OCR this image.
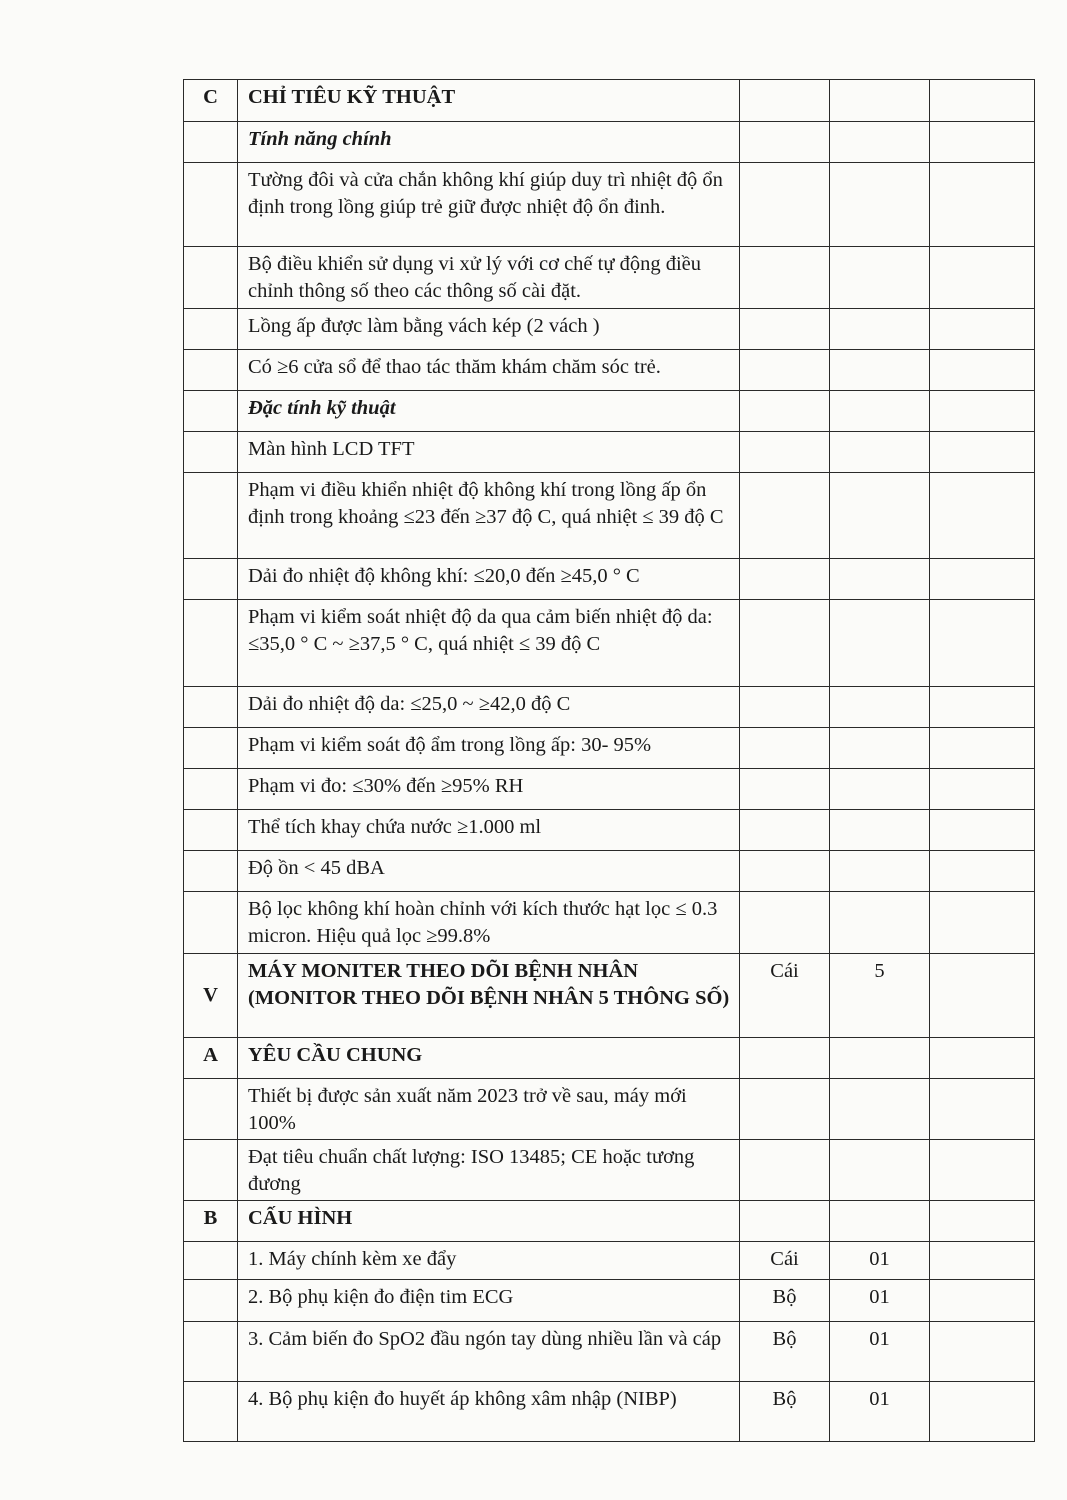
C	CHỈ TIÊU KỸ THUẬT			

	Tính năng chính			

	Tường đôi và cửa chắn không khí giúp duy trì nhiệt độ ổn định trong lồng giúp trẻ giữ được nhiệt độ ổn đinh.			

	Bộ điều khiển sử dụng vi xử lý với cơ chế tự động điều chỉnh thông số theo các thông số cài đặt.			

	Lồng ấp được làm bằng vách kép (2 vách )			

	Có ≥6 cửa sổ để thao tác thăm khám chăm sóc trẻ.			

	Đặc tính kỹ thuật			

	Màn hình LCD TFT			

	Phạm vi điều khiển nhiệt độ không khí trong lồng ấp ổn định trong khoảng ≤23 đến ≥37 độ C, quá nhiệt ≤ 39 độ C			

	Dải đo nhiệt độ không khí: ≤20,0 đến ≥45,0 ° C			

	Phạm vi kiểm soát nhiệt độ da qua cảm biến nhiệt độ da: ≤35,0 ° C ~ ≥37,5 ° C, quá nhiệt ≤ 39 độ C			

	Dải đo nhiệt độ da: ≤25,0 ~ ≥42,0 độ C			

	Phạm vi kiểm soát độ ẩm trong lồng ấp: 30- 95%			

	Phạm vi đo: ≤30% đến ≥95% RH			

	Thể tích khay chứa nước ≥1.000 ml			

	Độ ồn < 45 dBA			

	Bộ lọc không khí hoàn chỉnh với kích thước hạt lọc ≤ 0.3 micron. Hiệu quả lọc ≥99.8%			

V	MÁY MONITER THEO DÕI BỆNH NHÂN (MONITOR THEO DÕI BỆNH NHÂN 5 THÔNG SỐ)	Cái	5	

A	YÊU CẦU CHUNG			

	Thiết bị được sản xuất năm 2023 trở về sau, máy mới 100%			

	Đạt tiêu chuẩn chất lượng: ISO 13485; CE hoặc tương đương			

B	CẤU HÌNH			

	1. Máy chính kèm xe đẩy	Cái	01	

	2. Bộ phụ kiện đo điện tim ECG	Bộ	01	

	3. Cảm biến đo SpO2 đầu ngón tay dùng nhiều lần và cáp	Bộ	01	

	4. Bộ phụ kiện đo huyết áp không xâm nhập (NIBP)	Bộ	01	
